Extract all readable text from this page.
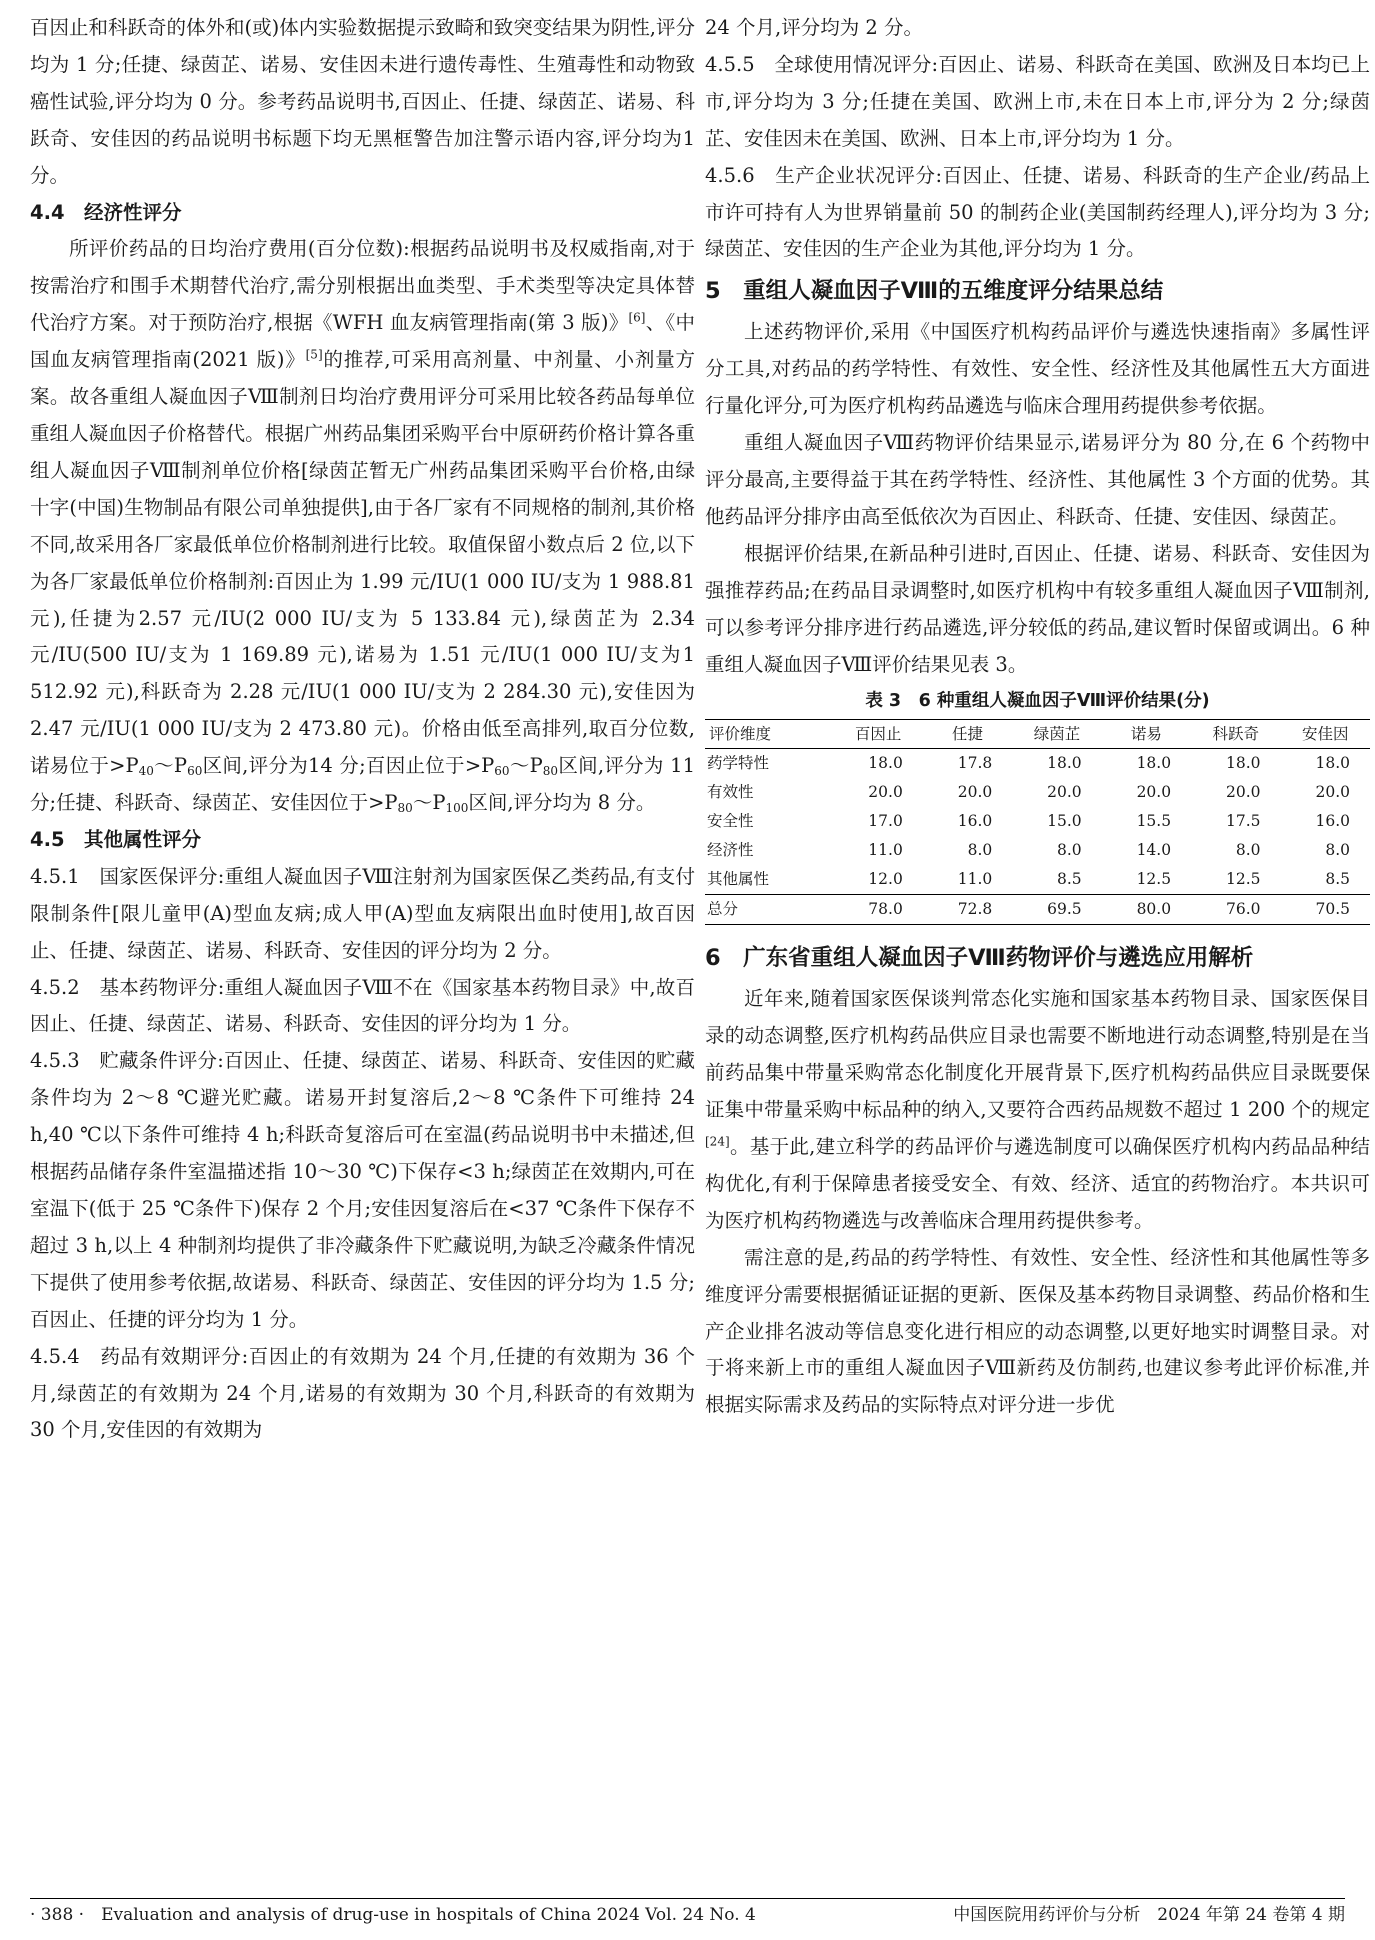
百因止和科跃奇的体外和(或)体内实验数据提示致畸和致突变结果为阴性,评分均为 1 分;任捷、绿茵芷、诺易、安佳因未进行遗传毒性、生殖毒性和动物致癌性试验,评分均为 0 分。参考药品说明书,百因止、任捷、绿茵芷、诺易、科跃奇、安佳因的药品说明书标题下均无黑框警告加注警示语内容,评分均为1 分。

4.4　经济性评分

所评价药品的日均治疗费用(百分位数):根据药品说明书及权威指南,对于按需治疗和围手术期替代治疗,需分别根据出血类型、手术类型等决定具体替代治疗方案。对于预防治疗,根据《WFH 血友病管理指南(第 3 版)》[6]、《中国血友病管理指南(2021 版)》[5]的推荐,可采用高剂量、中剂量、小剂量方案。故各重组人凝血因子Ⅷ制剂日均治疗费用评分可采用比较各药品每单位重组人凝血因子价格替代。根据广州药品集团采购平台中原研药价格计算各重组人凝血因子Ⅷ制剂单位价格[绿茵芷暂无广州药品集团采购平台价格,由绿十字(中国)生物制品有限公司单独提供],由于各厂家有不同规格的制剂,其价格不同,故采用各厂家最低单位价格制剂进行比较。取值保留小数点后 2 位,以下为各厂家最低单位价格制剂:百因止为 1.99 元/IU(1 000 IU/支为 1 988.81 元),任捷为2.57 元/IU(2 000 IU/支为 5 133.84 元),绿茵芷为 2.34 元/IU(500 IU/支为 1 169.89 元),诺易为 1.51 元/IU(1 000 IU/支为1 512.92 元),科跃奇为 2.28 元/IU(1 000 IU/支为 2 284.30 元),安佳因为 2.47 元/IU(1 000 IU/支为 2 473.80 元)。价格由低至高排列,取百分位数,诺易位于$>P_{40}\sim P_{60}$区间,评分为14 分;百因止位于$>P_{60}\sim P_{80}$区间,评分为 11 分;任捷、科跃奇、绿茵芷、安佳因位于$>P_{80}\sim P_{100}$区间,评分均为 8 分。

4.5　其他属性评分

4.5.1　国家医保评分:重组人凝血因子Ⅷ注射剂为国家医保乙类药品,有支付限制条件[限儿童甲(A)型血友病;成人甲(A)型血友病限出血时使用],故百因止、任捷、绿茵芷、诺易、科跃奇、安佳因的评分均为 2 分。

4.5.2　基本药物评分:重组人凝血因子Ⅷ不在《国家基本药物目录》中,故百因止、任捷、绿茵芷、诺易、科跃奇、安佳因的评分均为 1 分。

4.5.3　贮藏条件评分:百因止、任捷、绿茵芷、诺易、科跃奇、安佳因的贮藏条件均为 2～8 ℃避光贮藏。诺易开封复溶后,2～8 ℃条件下可维持 24 h,40 ℃以下条件可维持 4 h;科跃奇复溶后可在室温(药品说明书中未描述,但根据药品储存条件室温描述指 10～30 ℃)下保存<3 h;绿茵芷在效期内,可在室温下(低于 25 ℃条件下)保存 2 个月;安佳因复溶后在<37 ℃条件下保存不超过 3 h,以上 4 种制剂均提供了非冷藏条件下贮藏说明,为缺乏冷藏条件情况下提供了使用参考依据,故诺易、科跃奇、绿茵芷、安佳因的评分均为 1.5 分;百因止、任捷的评分均为 1 分。

4.5.4　药品有效期评分:百因止的有效期为 24 个月,任捷的有效期为 36 个月,绿茵芷的有效期为 24 个月,诺易的有效期为 30 个月,科跃奇的有效期为 30 个月,安佳因的有效期为

24 个月,评分均为 2 分。

4.5.5　全球使用情况评分:百因止、诺易、科跃奇在美国、欧洲及日本均已上市,评分均为 3 分;任捷在美国、欧洲上市,未在日本上市,评分为 2 分;绿茵芷、安佳因未在美国、欧洲、日本上市,评分均为 1 分。

4.5.6　生产企业状况评分:百因止、任捷、诺易、科跃奇的生产企业/药品上市许可持有人为世界销量前 50 的制药企业(美国制药经理人),评分均为 3 分;绿茵芷、安佳因的生产企业为其他,评分均为 1 分。

5　重组人凝血因子Ⅷ的五维度评分结果总结

上述药物评价,采用《中国医疗机构药品评价与遴选快速指南》多属性评分工具,对药品的药学特性、有效性、安全性、经济性及其他属性五大方面进行量化评分,可为医疗机构药品遴选与临床合理用药提供参考依据。

重组人凝血因子Ⅷ药物评价结果显示,诺易评分为 80 分,在 6 个药物中评分最高,主要得益于其在药学特性、经济性、其他属性 3 个方面的优势。其他药品评分排序由高至低依次为百因止、科跃奇、任捷、安佳因、绿茵芷。

根据评价结果,在新品种引进时,百因止、任捷、诺易、科跃奇、安佳因为强推荐药品;在药品目录调整时,如医疗机构中有较多重组人凝血因子Ⅷ制剂,可以参考评分排序进行药品遴选,评分较低的药品,建议暂时保留或调出。6 种重组人凝血因子Ⅷ评价结果见表 3。

表 3　6 种重组人凝血因子Ⅷ评价结果(分)
评价维度	百因止	任捷	绿茵芷	诺易	科跃奇	安佳因
药学特性	18.0	17.8	18.0	18.0	18.0	18.0
有效性	20.0	20.0	20.0	20.0	20.0	20.0
安全性	17.0	16.0	15.0	15.5	17.5	16.0
经济性	11.0	8.0	8.0	14.0	8.0	8.0
其他属性	12.0	11.0	8.5	12.5	12.5	8.5
总分	78.0	72.8	69.5	80.0	76.0	70.5
6　广东省重组人凝血因子Ⅷ药物评价与遴选应用解析

近年来,随着国家医保谈判常态化实施和国家基本药物目录、国家医保目录的动态调整,医疗机构药品供应目录也需要不断地进行动态调整,特别是在当前药品集中带量采购常态化制度化开展背景下,医疗机构药品供应目录既要保证集中带量采购中标品种的纳入,又要符合西药品规数不超过 1 200 个的规定[24]。基于此,建立科学的药品评价与遴选制度可以确保医疗机构内药品品种结构优化,有利于保障患者接受安全、有效、经济、适宜的药物治疗。本共识可为医疗机构药物遴选与改善临床合理用药提供参考。

需注意的是,药品的药学特性、有效性、安全性、经济性和其他属性等多维度评分需要根据循证证据的更新、医保及基本药物目录调整、药品价格和生产企业排名波动等信息变化进行相应的动态调整,以更好地实时调整目录。对于将来新上市的重组人凝血因子Ⅷ新药及仿制药,也建议参考此评价标准,并根据实际需求及药品的实际特点对评分进一步优

· 388 ·　Evaluation and analysis of drug-use in hospitals of China 2024 Vol. 24 No. 4	中国医院用药评价与分析　2024 年第 24 卷第 4 期
